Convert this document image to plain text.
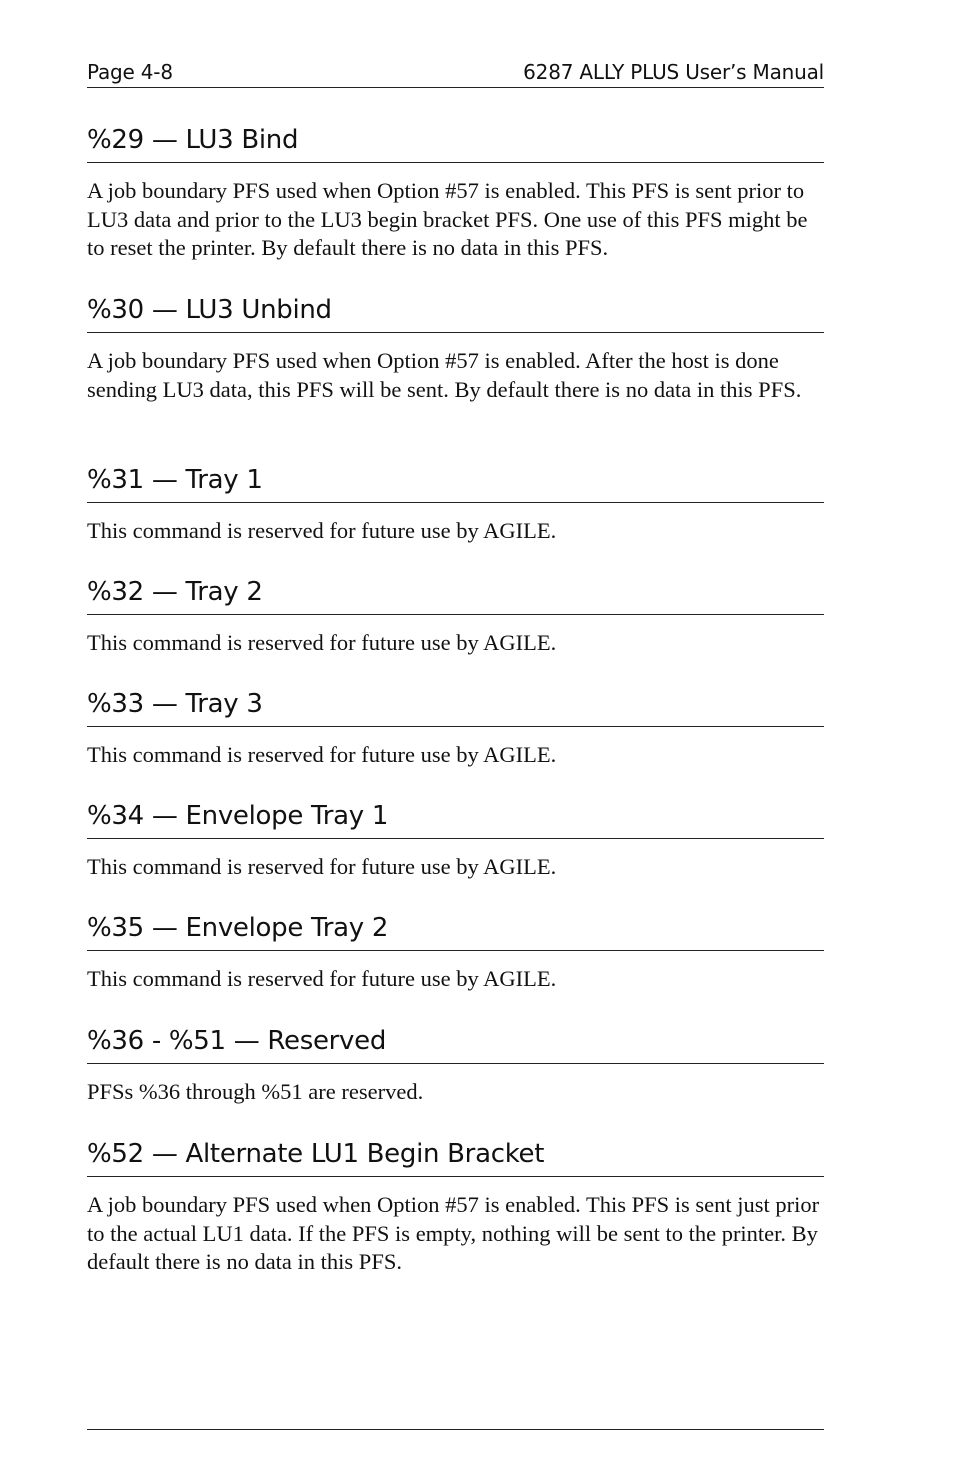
Page 4-8	6287 ALLY PLUS User’s Manual
%29 — LU3 Bind

A job boundary PFS used when Option #57 is enabled. This PFS is sent prior to LU3 data and prior to the LU3 begin bracket PFS. One use of this PFS might be to reset the printer. By default there is no data in this PFS.

%30 — LU3 Unbind

A job boundary PFS used when Option #57 is enabled. After the host is done sending LU3 data, this PFS will be sent. By default there is no data in this PFS.

%31 — Tray 1

This command is reserved for future use by AGILE.

%32 — Tray 2

This command is reserved for future use by AGILE.

%33 — Tray 3

This command is reserved for future use by AGILE.

%34 — Envelope Tray 1

This command is reserved for future use by AGILE.

%35 — Envelope Tray 2

This command is reserved for future use by AGILE.

%36 - %51 — Reserved

PFSs %36 through %51 are reserved.

%52 — Alternate LU1 Begin Bracket

A job boundary PFS used when Option #57 is enabled. This PFS is sent just prior to the actual LU1 data. If the PFS is empty, nothing will be sent to the printer. By default there is no data in this PFS.
